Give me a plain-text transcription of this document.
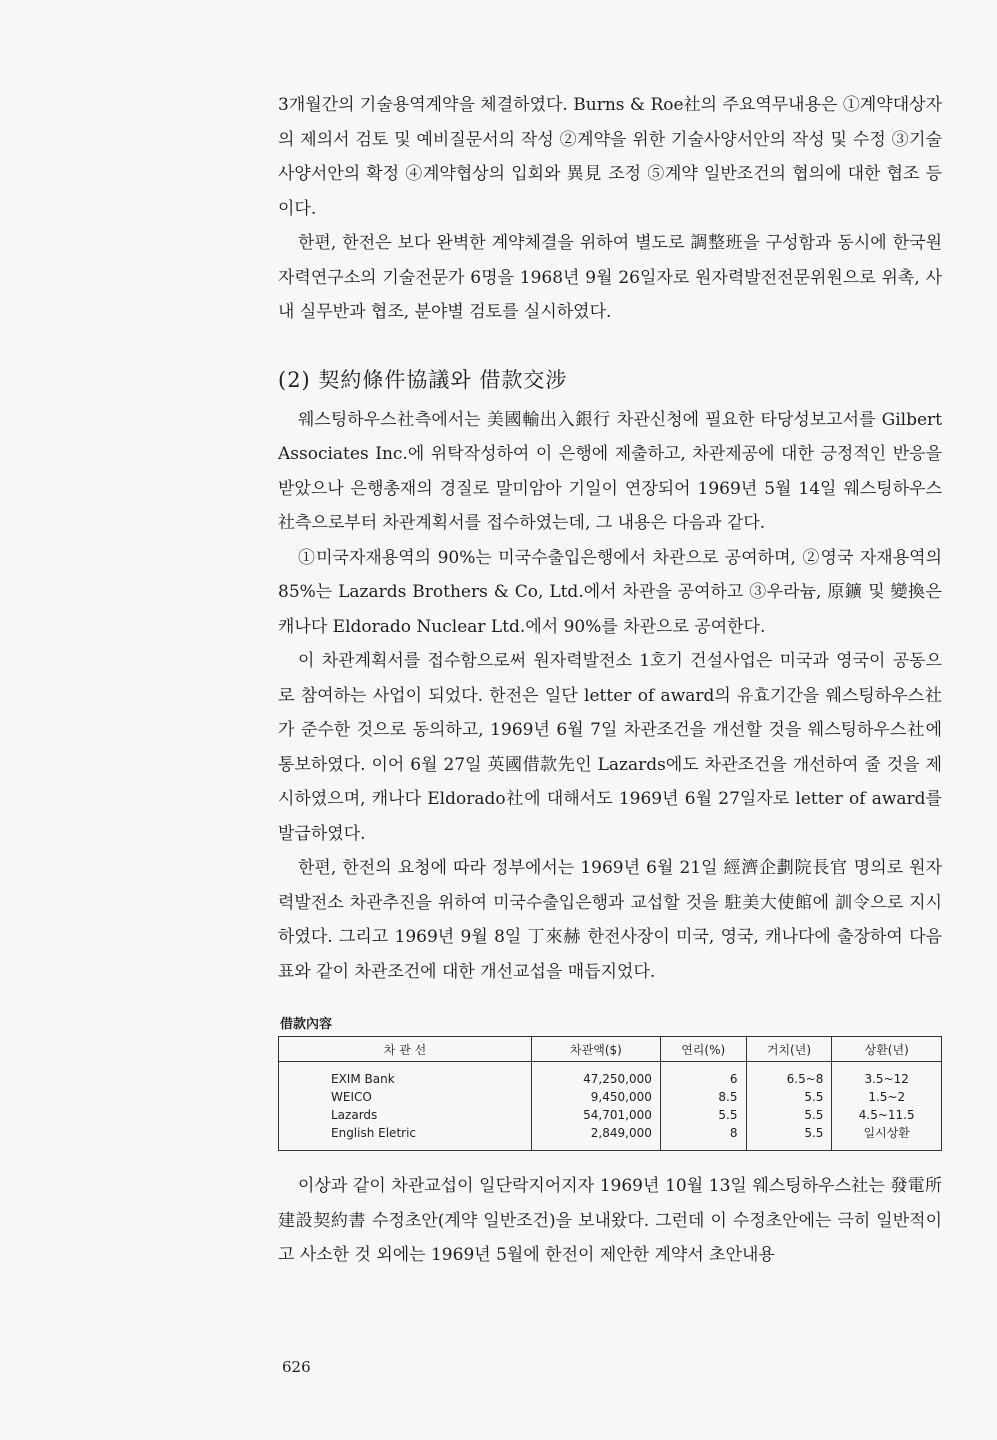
3개월간의 기술용역계약을 체결하였다. Burns & Roe社의 주요역무내용은 ①계약대상자의 제의서 검토 및 예비질문서의 작성 ②계약을 위한 기술사양서안의 작성 및 수정 ③기술사양서안의 확정 ④계약협상의 입회와 異見 조정 ⑤계약 일반조건의 협의에 대한 협조 등이다.

한편, 한전은 보다 완벽한 계약체결을 위하여 별도로 調整班을 구성함과 동시에 한국원자력연구소의 기술전문가 6명을 1968년 9월 26일자로 원자력발전전문위원으로 위촉, 사내 실무반과 협조, 분야별 검토를 실시하였다.

(2) 契約條件協議와 借款交涉

웨스팅하우스社측에서는 美國輸出入銀行 차관신청에 필요한 타당성보고서를 Gilbert Associates Inc.에 위탁작성하여 이 은행에 제출하고, 차관제공에 대한 긍정적인 반응을 받았으나 은행총재의 경질로 말미암아 기일이 연장되어 1969년 5월 14일 웨스팅하우스社측으로부터 차관계획서를 접수하였는데, 그 내용은 다음과 같다.

①미국자재용역의 90%는 미국수출입은행에서 차관으로 공여하며, ②영국 자재용역의 85%는 Lazards Brothers & Co, Ltd.에서 차관을 공여하고 ③우라늄, 原鑛 및 變換은 캐나다 Eldorado Nuclear Ltd.에서 90%를 차관으로 공여한다.

이 차관계획서를 접수함으로써 원자력발전소 1호기 건설사업은 미국과 영국이 공동으로 참여하는 사업이 되었다. 한전은 일단 letter of award의 유효기간을 웨스팅하우스社가 준수한 것으로 동의하고, 1969년 6월 7일 차관조건을 개선할 것을 웨스팅하우스社에 통보하였다. 이어 6월 27일 英國借款先인 Lazards에도 차관조건을 개선하여 줄 것을 제시하였으며, 캐나다 Eldorado社에 대해서도 1969년 6월 27일자로 letter of award를 발급하였다.

한편, 한전의 요청에 따라 정부에서는 1969년 6월 21일 經濟企劃院長官 명의로 원자력발전소 차관추진을 위하여 미국수출입은행과 교섭할 것을 駐美大使館에 訓令으로 지시하였다. 그리고 1969년 9월 8일 丁來赫 한전사장이 미국, 영국, 캐나다에 출장하여 다음 표와 같이 차관조건에 대한 개선교섭을 매듭지었다.

借款內容
차 관 선	차관액($)	연리(%)	거치(년)	상환(년)
EXIM Bank	47,250,000	6	6.5~8	3.5~12
WEICO	9,450,000	8.5	5.5	1.5~2
Lazards	54,701,000	5.5	5.5	4.5~11.5
English Eletric	2,849,000	8	5.5	일시상환

이상과 같이 차관교섭이 일단락지어지자 1969년 10월 13일 웨스팅하우스社는 發電所建設契約書 수정초안(계약 일반조건)을 보내왔다. 그런데 이 수정초안에는 극히 일반적이고 사소한 것 외에는 1969년 5월에 한전이 제안한 계약서 초안내용

626
